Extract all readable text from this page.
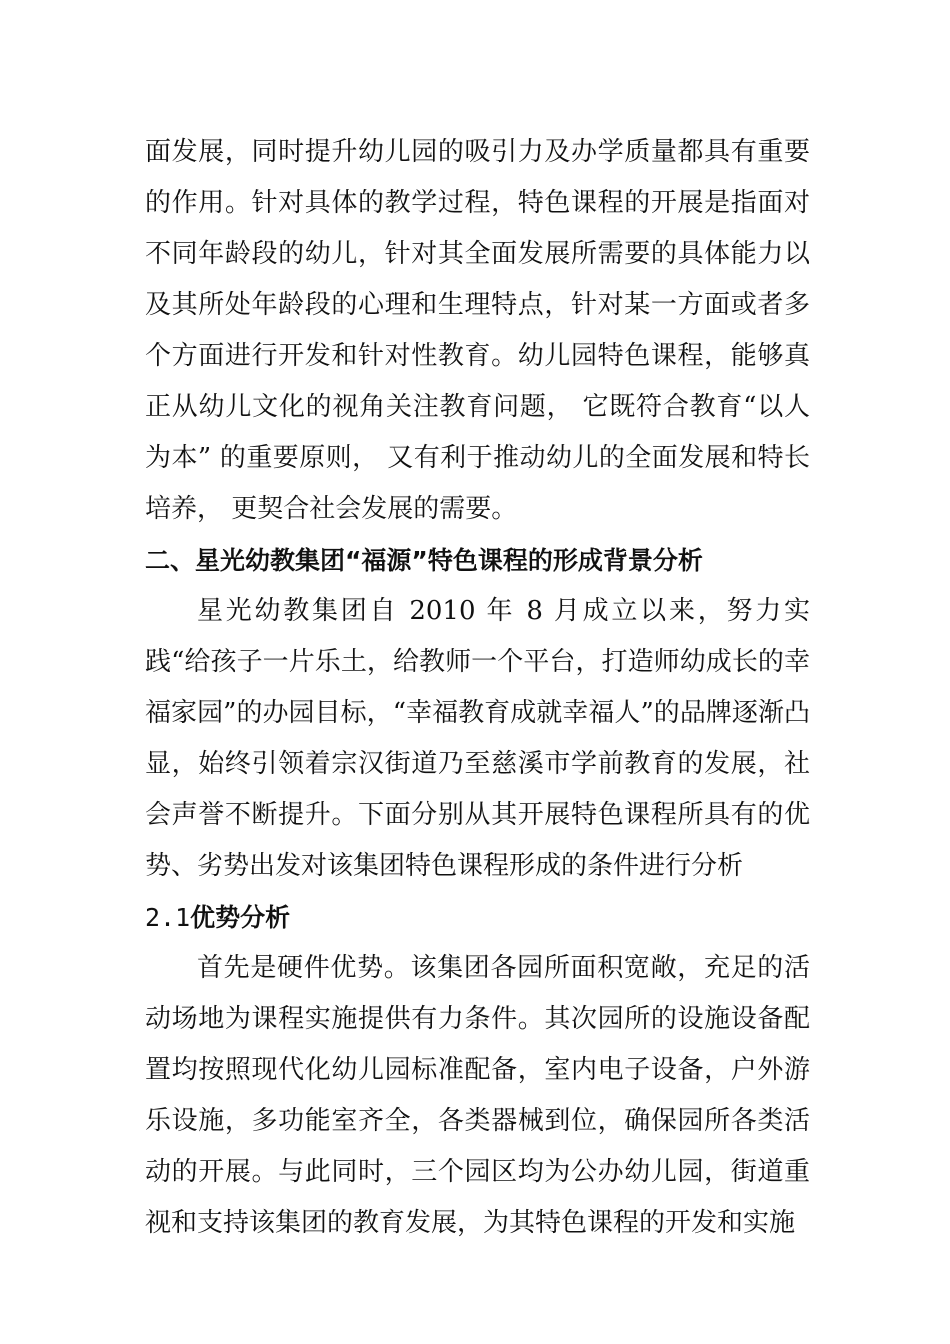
面发展，同时提升幼儿园的吸引力及办学质量都具有重要的作用。针对具体的教学过程，特色课程的开展是指面对不同年龄段的幼儿，针对其全面发展所需要的具体能力以及其所处年龄段的心理和生理特点，针对某一方面或者多个方面进行开发和针对性教育。幼儿园特色课程，能够真正从幼儿文化的视角关注教育问题， 它既符合教育“以人为本” 的重要原则， 又有利于推动幼儿的全面发展和特长培养， 更契合社会发展的需要。

二、星光幼教集团“福源”特色课程的形成背景分析

星光幼教集团自 2010 年 8 月成立以来，努力实践“给孩子一片乐土，给教师一个平台，打造师幼成长的幸福家园”的办园目标，“幸福教育成就幸福人”的品牌逐渐凸显，始终引领着宗汉街道乃至慈溪市学前教育的发展，社会声誉不断提升。下面分别从其开展特色课程所具有的优势、劣势出发对该集团特色课程形成的条件进行分析

2.1优势分析

首先是硬件优势。该集团各园所面积宽敞，充足的活动场地为课程实施提供有力条件。其次园所的设施设备配置均按照现代化幼儿园标准配备，室内电子设备，户外游乐设施，多功能室齐全，各类器械到位，确保园所各类活动的开展。与此同时，三个园区均为公办幼儿园，街道重视和支持该集团的教育发展，为其特色课程的开发和实施
